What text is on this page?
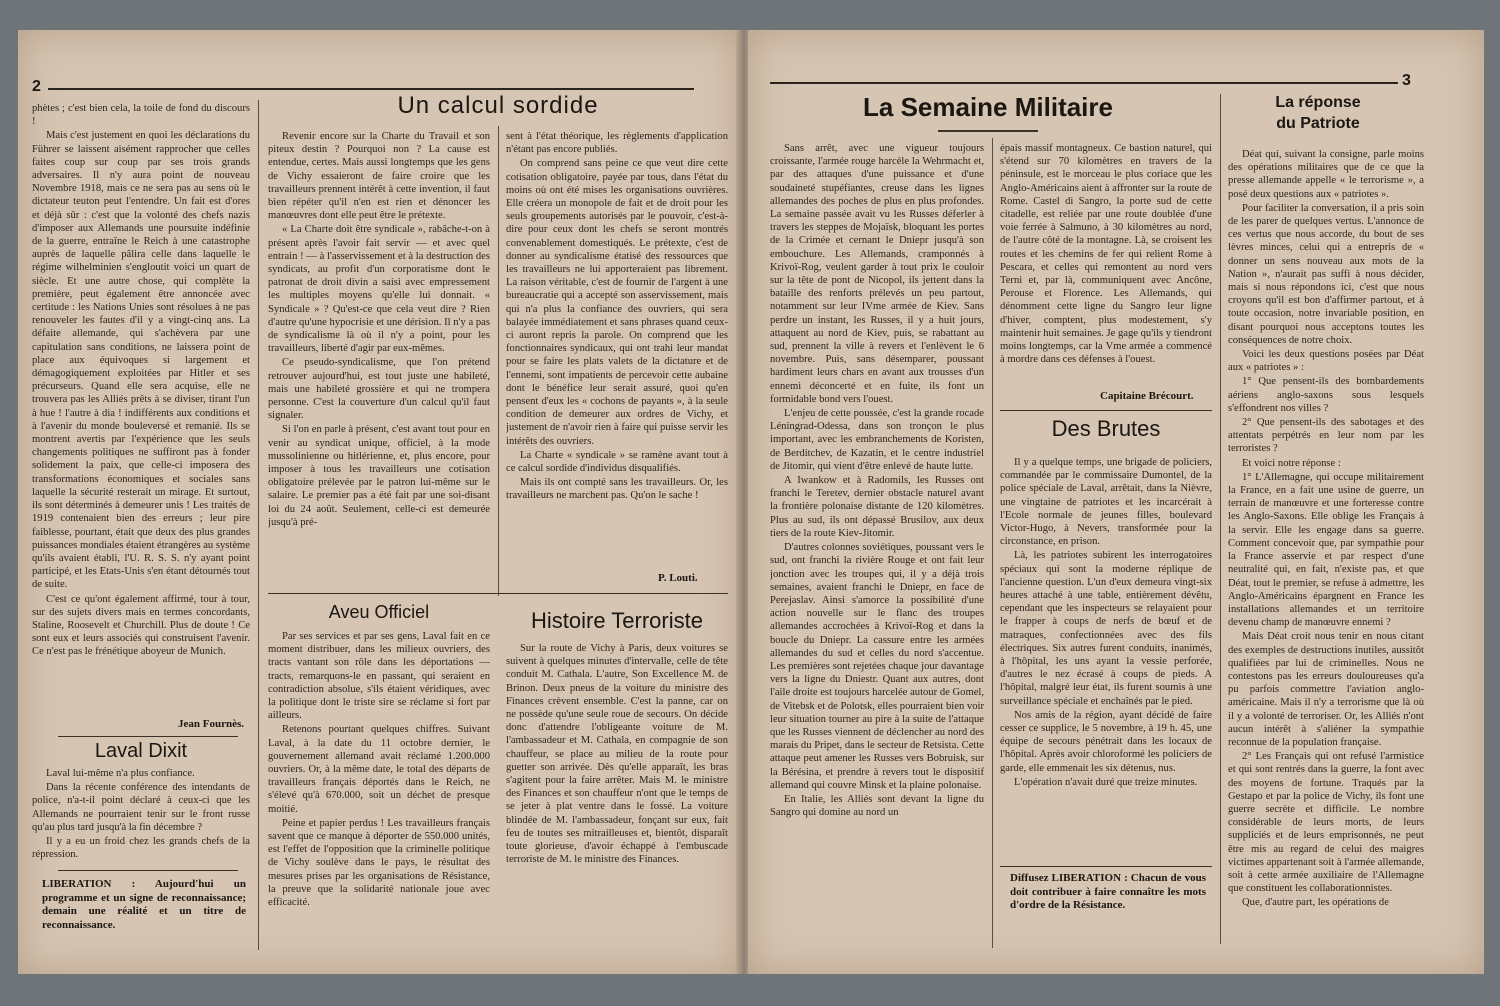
2

phètes ; c'est bien cela, la toile de fond du discours !

Mais c'est justement en quoi les déclarations du Führer se laissent aisément rapprocher que celles faites coup sur coup par ses trois grands adversaires. Il n'y aura point de nouveau Novembre 1918, mais ce ne sera pas au sens où le dictateur teuton peut l'entendre. Un fait est d'ores et déjà sûr : c'est que la volonté des chefs nazis d'imposer aux Allemands une poursuite indéfinie de la guerre, entraîne le Reich à une catastrophe auprès de laquelle pâlira celle dans laquelle le régime wilhelminien s'engloutit voici un quart de siècle. Et une autre chose, qui complète la première, peut également être annoncée avec certitude : les Nations Unies sont résolues à ne pas renouveler les fautes d'il y a vingt-cinq ans. La défaite allemande, qui s'achèvera par une capitulation sans conditions, ne laissera point de place aux équivoques si largement et démagogiquement exploitées par Hitler et ses précurseurs. Quand elle sera acquise, elle ne trouvera pas les Alliés prêts à se diviser, tirant l'un à hue ! l'autre à dia ! indifférents aux conditions et à l'avenir du monde bouleversé et remanié. Ils se montrent avertis par l'expérience que les seuls changements politiques ne suffiront pas à fonder solidement la paix, que celle-ci imposera des transformations économiques et sociales sans laquelle la sécurité resterait un mirage. Et surtout, ils sont déterminés à demeurer unis ! Les traités de 1919 contenaient bien des erreurs ; leur pire faiblesse, pourtant, était que deux des plus grandes puissances mondiales étaient étrangères au système qu'ils avaient établi, l'U. R. S. S. n'y ayant point participé, et les Etats-Unis s'en étant détournés tout de suite.

C'est ce qu'ont également affirmé, tour à tour, sur des sujets divers mais en termes concordants, Staline, Roosevelt et Churchill. Plus de doute ! Ce sont eux et leurs associés qui construisent l'avenir. Ce n'est pas le frénétique aboyeur de Munich.

Jean Fournès.
Laval Dixit

Laval lui-même n'a plus confiance.

Dans la récente conférence des intendants de police, n'a-t-il point déclaré à ceux-ci que les Allemands ne pourraient tenir sur le front russe qu'au plus tard jusqu'à la fin décembre ?

Il y a eu un froid chez les grands chefs de la répression.

LIBERATION : Aujourd'hui un programme et un signe de reconnaissance; demain une réalité et un titre de reconnaissance.
Un calcul sordide

Revenir encore sur la Charte du Travail et son piteux destin ? Pourquoi non ? La cause est entendue, certes. Mais aussi longtemps que les gens de Vichy essaieront de faire croire que les travailleurs prennent intérêt à cette invention, il faut bien répéter qu'il n'en est rien et dénoncer les manœuvres dont elle peut être le prétexte.

« La Charte doit être syndicale », rabâche-t-on à présent après l'avoir fait servir — et avec quel entrain ! — à l'asservissement et à la destruction des syndicats, au profit d'un corporatisme dont le patronat de droit divin a saisi avec empressement les multiples moyens qu'elle lui donnait. « Syndicale » ? Qu'est-ce que cela veut dire ? Rien d'autre qu'une hypocrisie et une dérision. Il n'y a pas de syndicalisme là où il n'y a point, pour les travailleurs, liberté d'agir par eux-mêmes.

Ce pseudo-syndicalisme, que l'on prétend retrouver aujourd'hui, est tout juste une habileté, mais une habileté grossière et qui ne trompera personne. C'est la couverture d'un calcul qu'il faut signaler.

Si l'on en parle à présent, c'est avant tout pour en venir au syndicat unique, officiel, à la mode mussolinienne ou hitlérienne, et, plus encore, pour imposer à tous les travailleurs une cotisation obligatoire prélevée par le patron lui-même sur le salaire. Le premier pas a été fait par une soi-disant loi du 24 août. Seulement, celle-ci est demeurée jusqu'à pré-

sent à l'état théorique, les règlements d'application n'étant pas encore publiés.

On comprend sans peine ce que veut dire cette cotisation obligatoire, payée par tous, dans l'état du moins où ont été mises les organisations ouvrières. Elle créera un monopole de fait et de droit pour les seuls groupements autorisés par le pouvoir, c'est-à-dire pour ceux dont les chefs se seront montrés convenablement domestiqués. Le prétexte, c'est de donner au syndicalisme étatisé des ressources que les travailleurs ne lui apporteraient pas librement. La raison véritable, c'est de fournir de l'argent à une bureaucratie qui a accepté son asservissement, mais qui n'a plus la confiance des ouvriers, qui sera balayée immédiatement et sans phrases quand ceux-ci auront repris la parole. On comprend que les fonctionnaires syndicaux, qui ont trahi leur mandat pour se faire les plats valets de la dictature et de l'ennemi, sont impatients de percevoir cette aubaine dont le bénéfice leur serait assuré, quoi qu'en pensent d'eux les « cochons de payants », à la seule condition de demeurer aux ordres de Vichy, et justement de n'avoir rien à faire qui puisse servir les intérêts des ouvriers.

La Charte « syndicale » se ramène avant tout à ce calcul sordide d'individus disqualifiés.

Mais ils ont compté sans les travailleurs. Or, les travailleurs ne marchent pas. Qu'on le sache !

P. Louti.
Aveu Officiel

Par ses services et par ses gens, Laval fait en ce moment distribuer, dans les milieux ouvriers, des tracts vantant son rôle dans les déportations — tracts, remarquons-le en passant, qui seraient en contradiction absolue, s'ils étaient véridiques, avec la politique dont le triste sire se réclame si fort par ailleurs.

Retenons pourtant quelques chiffres. Suivant Laval, à la date du 11 octobre dernier, le gouvernement allemand avait réclamé 1.200.000 ouvriers. Or, à la même date, le total des départs de travailleurs français déportés dans le Reich, ne s'élevé qu'à 670.000, soit un déchet de presque moitié.

Peine et papier perdus ! Les travailleurs français savent que ce manque à déporter de 550.000 unités, est l'effet de l'opposition que la criminelle politique de Vichy soulève dans le pays, le résultat des mesures prises par les organisations de Résistance, la preuve que la solidarité nationale joue avec efficacité.

Histoire Terroriste

Sur la route de Vichy à Paris, deux voitures se suivent à quelques minutes d'intervalle, celle de tête conduit M. Cathala. L'autre, Son Excellence M. de Brinon. Deux pneus de la voiture du ministre des Finances crèvent ensemble. C'est la panne, car on ne possède qu'une seule roue de secours. On décide donc d'attendre l'obligeante voiture de M. l'ambassadeur et M. Cathala, en compagnie de son chauffeur, se place au milieu de la route pour guetter son arrivée. Dès qu'elle apparaît, les bras s'agitent pour la faire arrêter. Mais M. le ministre des Finances et son chauffeur n'ont que le temps de se jeter à plat ventre dans le fossé. La voiture blindée de M. l'ambassadeur, fonçant sur eux, fait feu de toutes ses mitrailleuses et, bientôt, disparaît toute glorieuse, d'avoir échappé à l'embuscade terroriste de M. le ministre des Finances.

3
La Semaine Militaire

Sans arrêt, avec une vigueur toujours croissante, l'armée rouge harcèle la Wehrmacht et, par des attaques d'une puissance et d'une soudaineté stupéfiantes, creuse dans les lignes allemandes des poches de plus en plus profondes. La semaine passée avait vu les Russes déferler à travers les steppes de Mojaïsk, bloquant les portes de la Crimée et cernant le Dniepr jusqu'à son embouchure. Les Allemands, cramponnés à Krivoï-Rog, veulent garder à tout prix le couloir sur la tête de pont de Nicopol, ils jettent dans la bataille des renforts prélevés un peu partout, notamment sur leur IVme armée de Kiev. Sans perdre un instant, les Russes, il y a huit jours, attaquent au nord de Kiev, puis, se rabattant au sud, prennent la ville à revers et l'enlèvent le 6 novembre. Puis, sans désemparer, poussant hardiment leurs chars en avant aux trousses d'un ennemi déconcerté et en fuite, ils font un formidable bond vers l'ouest.

L'enjeu de cette poussée, c'est la grande rocade Léningrad-Odessa, dans son tronçon le plus important, avec les embranchements de Koristen, de Berditchev, de Kazatin, et le centre industriel de Jitomir, qui vient d'être enlevé de haute lutte.

A Iwankow et à Radomils, les Russes ont franchi le Teretev, dernier obstacle naturel avant la frontière polonaise distante de 120 kilomètres. Plus au sud, ils ont dépassé Brusilov, aux deux tiers de la route Kiev-Jitomir.

D'autres colonnes soviétiques, poussant vers le sud, ont franchi la rivière Rouge et ont fait leur jonction avec les troupes qui, il y a déjà trois semaines, avaient franchi le Dniepr, en face de Perejaslav. Ainsi s'amorce la possibilité d'une action nouvelle sur le flanc des troupes allemandes accrochées à Krivoï-Rog et dans la boucle du Dniepr. La cassure entre les armées allemandes du sud et celles du nord s'accentue. Les premières sont rejetées chaque jour davantage vers la ligne du Dniestr. Quant aux autres, dont l'aile droite est toujours harcelée autour de Gomel, de Vitebsk et de Polotsk, elles pourraient bien voir leur situation tourner au pire à la suite de l'attaque que les Russes viennent de déclencher au nord des marais du Pripet, dans le secteur de Retsista. Cette attaque peut amener les Russes vers Bobruisk, sur la Bérésina, et prendre à revers tout le dispositif allemand qui couvre Minsk et la plaine polonaise.

En Italie, les Alliés sont devant la ligne du Sangro qui domine au nord un

épais massif montagneux. Ce bastion naturel, qui s'étend sur 70 kilomètres en travers de la péninsule, est le morceau le plus coriace que les Anglo-Américains aient à affronter sur la route de Rome. Castel di Sangro, la porte sud de cette citadelle, est reliée par une route doublée d'une voie ferrée à Salmuno, à 30 kilomètres au nord, de l'autre côté de la montagne. Là, se croisent les routes et les chemins de fer qui relient Rome à Pescara, et celles qui remontent au nord vers Terni et, par là, communiquent avec Ancône, Perouse et Florence. Les Allemands, qui dénomment cette ligne du Sangro leur ligne d'hiver, comptent, plus modestement, s'y maintenir huit semaines. Je gage qu'ils y tiendront moins longtemps, car la Vme armée a commencé à mordre dans ces défenses à l'ouest.

Capitaine Brécourt.
Des Brutes

Il y a quelque temps, une brigade de policiers, commandée par le commissaire Dumontel, de la police spéciale de Laval, arrêtait, dans la Nièvre, une vingtaine de patriotes et les incarcérait à l'Ecole normale de jeunes filles, boulevard Victor-Hugo, à Nevers, transformée pour la circonstance, en prison.

Là, les patriotes subirent les interrogatoires spéciaux qui sont la moderne réplique de l'ancienne question. L'un d'eux demeura vingt-six heures attaché à une table, entièrement dévêtu, cependant que les inspecteurs se relayaient pour le frapper à coups de nerfs de bœuf et de matraques, confectionnées avec des fils électriques. Six autres furent conduits, inanimés, à l'hôpital, les uns ayant la vessie perforée, d'autres le nez écrasé à coups de pieds. A l'hôpital, malgré leur état, ils furent soumis à une surveillance spéciale et enchaînés par le pied.

Nos amis de la région, ayant décidé de faire cesser ce supplice, le 5 novembre, à 19 h. 45, une équipe de secours pénétrait dans les locaux de l'hôpital. Après avoir chloroformé les policiers de garde, elle emmenait les six détenus, nus.

L'opération n'avait duré que treize minutes.

Diffusez LIBERATION : Chacun de vous doit contribuer à faire connaître les mots d'ordre de la Résistance.
La réponse
du Patriote

Déat qui, suivant la consigne, parle moins des opérations militaires que de ce que la presse allemande appelle « le terrorisme », a posé deux questions aux « patriotes ».

Pour faciliter la conversation, il a pris soin de les parer de quelques vertus. L'annonce de ces vertus que nous accorde, du bout de ses lèvres minces, celui qui a entrepris de « donner un sens nouveau aux mots de la Nation », n'aurait pas suffi à nous décider, mais si nous répondons ici, c'est que nous croyons qu'il est bon d'affirmer partout, et à toute occasion, notre invariable position, en disant pourquoi nous acceptons toutes les conséquences de notre choix.

Voici les deux questions posées par Déat aux « patriotes » :

1° Que pensent-ils des bombardements aériens anglo-saxons sous lesquels s'effondrent nos villes ?

2° Que pensent-ils des sabotages et des attentats perpétrés en leur nom par les terroristes ?

Et voici notre réponse :

1° L'Allemagne, qui occupe militairement la France, en a fait une usine de guerre, un terrain de manœuvre et une forteresse contre les Anglo-Saxons. Elle oblige les Français à la servir. Elle les engage dans sa guerre. Comment concevoir que, par sympathie pour la France asservie et par respect d'une neutralité qui, en fait, n'existe pas, et que Déat, tout le premier, se refuse à admettre, les Anglo-Américains épargnent en France les installations allemandes et un territoire devenu champ de manœuvre ennemi ?

Mais Déat croit nous tenir en nous citant des exemples de destructions inutiles, aussitôt qualifiées par lui de criminelles. Nous ne contestons pas les erreurs douloureuses qu'a pu parfois commettre l'aviation anglo-américaine. Mais il n'y a terrorisme que là où il y a volonté de terroriser. Or, les Alliés n'ont aucun intérêt à s'aliéner la sympathie reconnue de la population française.

2° Les Français qui ont refusé l'armistice et qui sont rentrés dans la guerre, la font avec des moyens de fortune. Traqués par la Gestapo et par la police de Vichy, ils font une guerre secrète et difficile. Le nombre considérable de leurs morts, de leurs suppliciés et de leurs emprisonnés, ne peut être mis au regard de celui des maigres victimes appartenant soit à l'armée allemande, soit à cette armée auxiliaire de l'Allemagne que constituent les collaborationnistes.

Que, d'autre part, les opérations de
